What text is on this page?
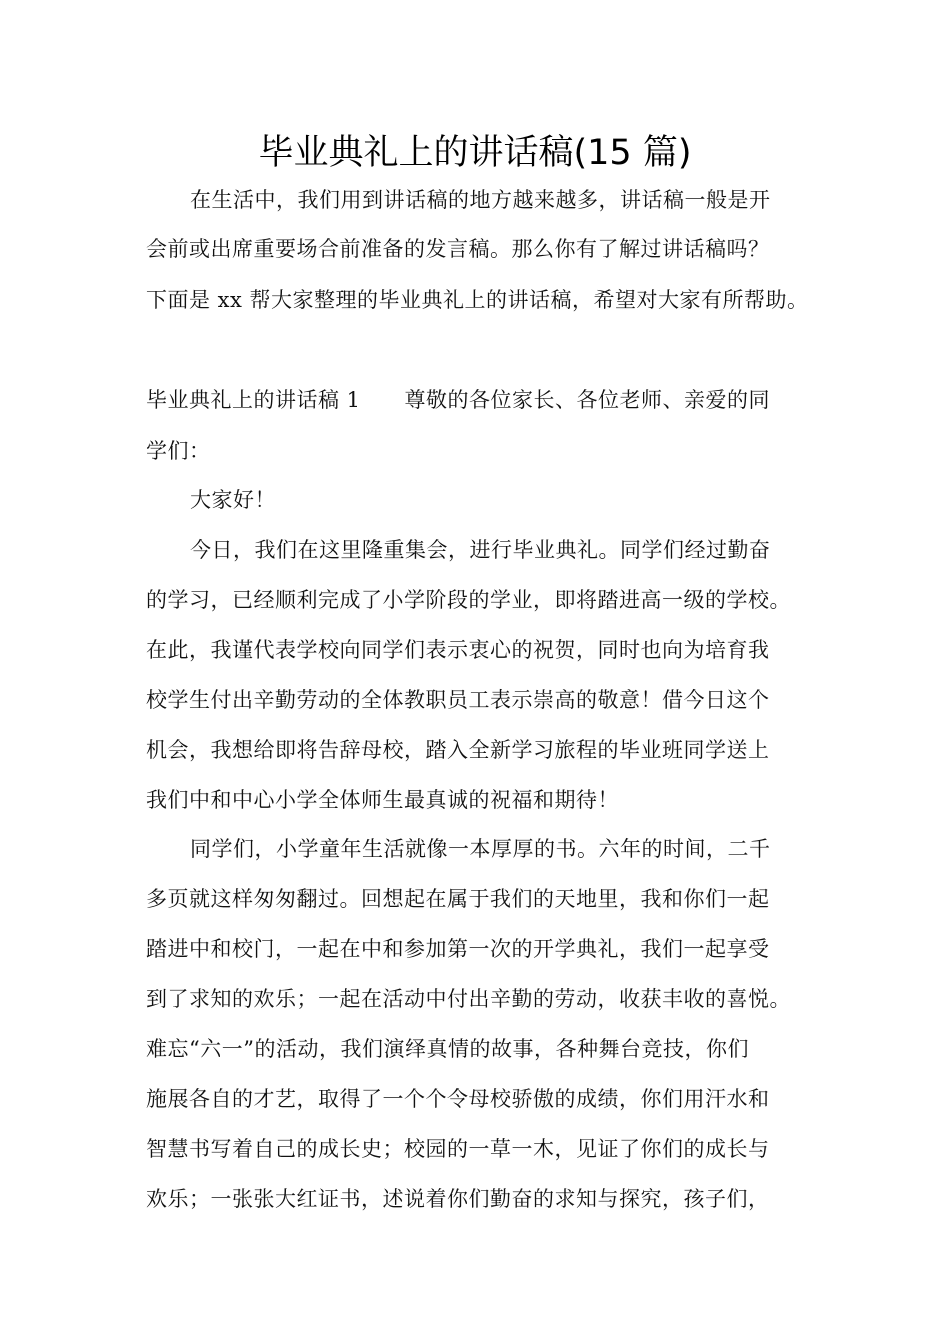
毕业典礼上的讲话稿(15 篇)
在生活中，我们用到讲话稿的地方越来越多，讲话稿一般是开
会前或出席重要场合前准备的发言稿。那么你有了解过讲话稿吗？
下面是 xx 帮大家整理的毕业典礼上的讲话稿，希望对大家有所帮助。
毕业典礼上的讲话稿 1 尊敬的各位家长、各位老师、亲爱的同
学们：
大家好！
今日，我们在这里隆重集会，进行毕业典礼。同学们经过勤奋
的学习，已经顺利完成了小学阶段的学业，即将踏进高一级的学校。
在此，我谨代表学校向同学们表示衷心的祝贺，同时也向为培育我
校学生付出辛勤劳动的全体教职员工表示崇高的敬意！借今日这个
机会，我想给即将告辞母校，踏入全新学习旅程的毕业班同学送上
我们中和中心小学全体师生最真诚的祝福和期待！
同学们，小学童年生活就像一本厚厚的书。六年的时间，二千
多页就这样匆匆翻过。回想起在属于我们的天地里，我和你们一起
踏进中和校门，一起在中和参加第一次的开学典礼，我们一起享受
到了求知的欢乐；一起在活动中付出辛勤的劳动，收获丰收的喜悦。
难忘“六一”的活动，我们演绎真情的故事，各种舞台竞技，你们
施展各自的才艺，取得了一个个令母校骄傲的成绩，你们用汗水和
智慧书写着自己的成长史；校园的一草一木，见证了你们的成长与
欢乐；一张张大红证书，述说着你们勤奋的求知与探究，孩子们，
